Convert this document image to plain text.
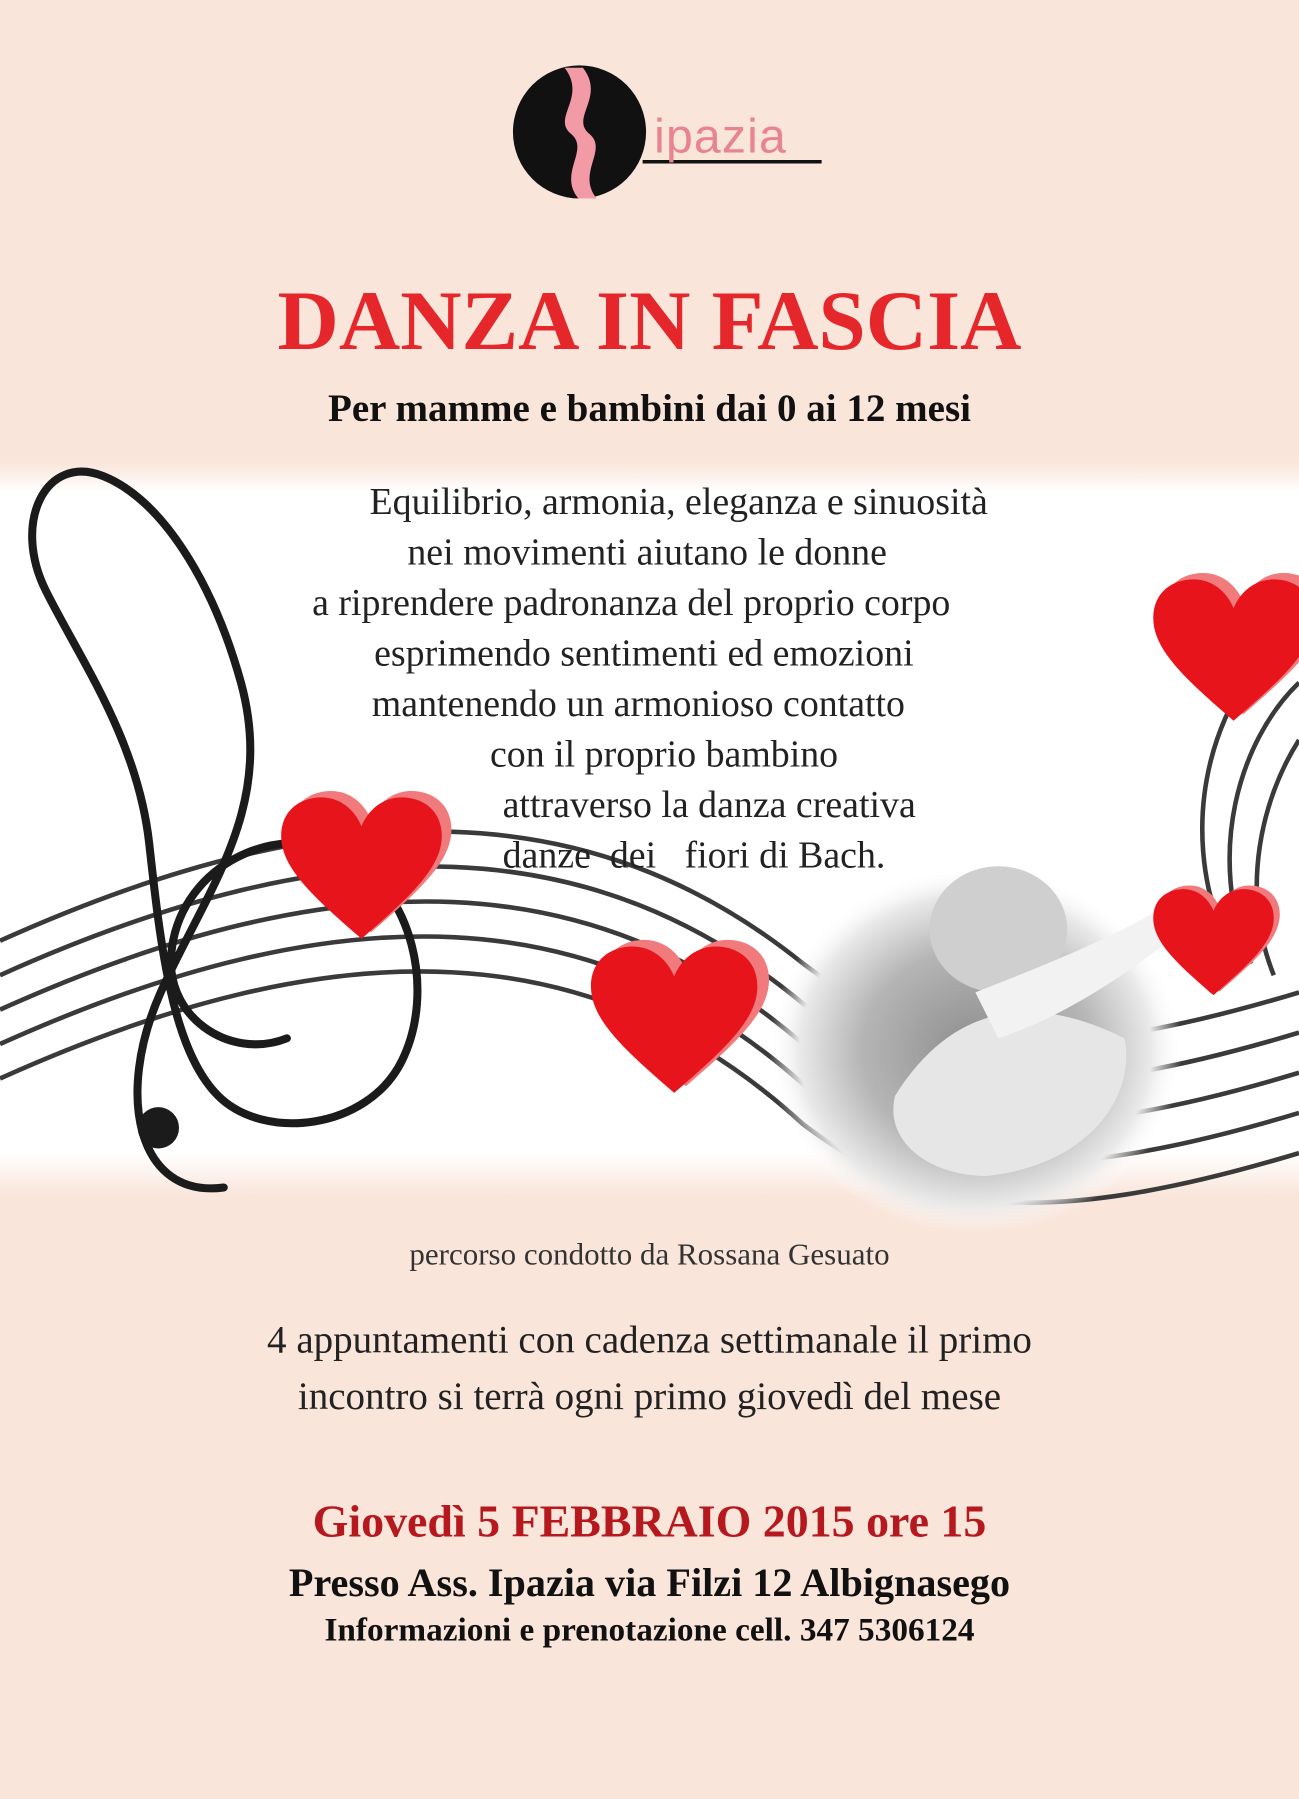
ipazia
DANZA IN FASCIA
Per mamme e bambini dai 0 ai 12 mesi
Equilibrio, armonia, eleganza e sinuosità
nei movimenti aiutano le donne
a riprendere padronanza del proprio corpo
esprimendo sentimenti ed emozioni
mantenendo un armonioso contatto
con il proprio bambino
attraverso la danza creativa
danze  dei   fiori di Bach.
percorso condotto da Rossana Gesuato
4 appuntamenti con cadenza settimanale il primo
incontro si terrà ogni primo giovedì del mese
Giovedì 5 FEBBRAIO 2015 ore 15
Presso Ass. Ipazia via Filzi 12 Albignasego
Informazioni e prenotazione cell. 347 5306124
